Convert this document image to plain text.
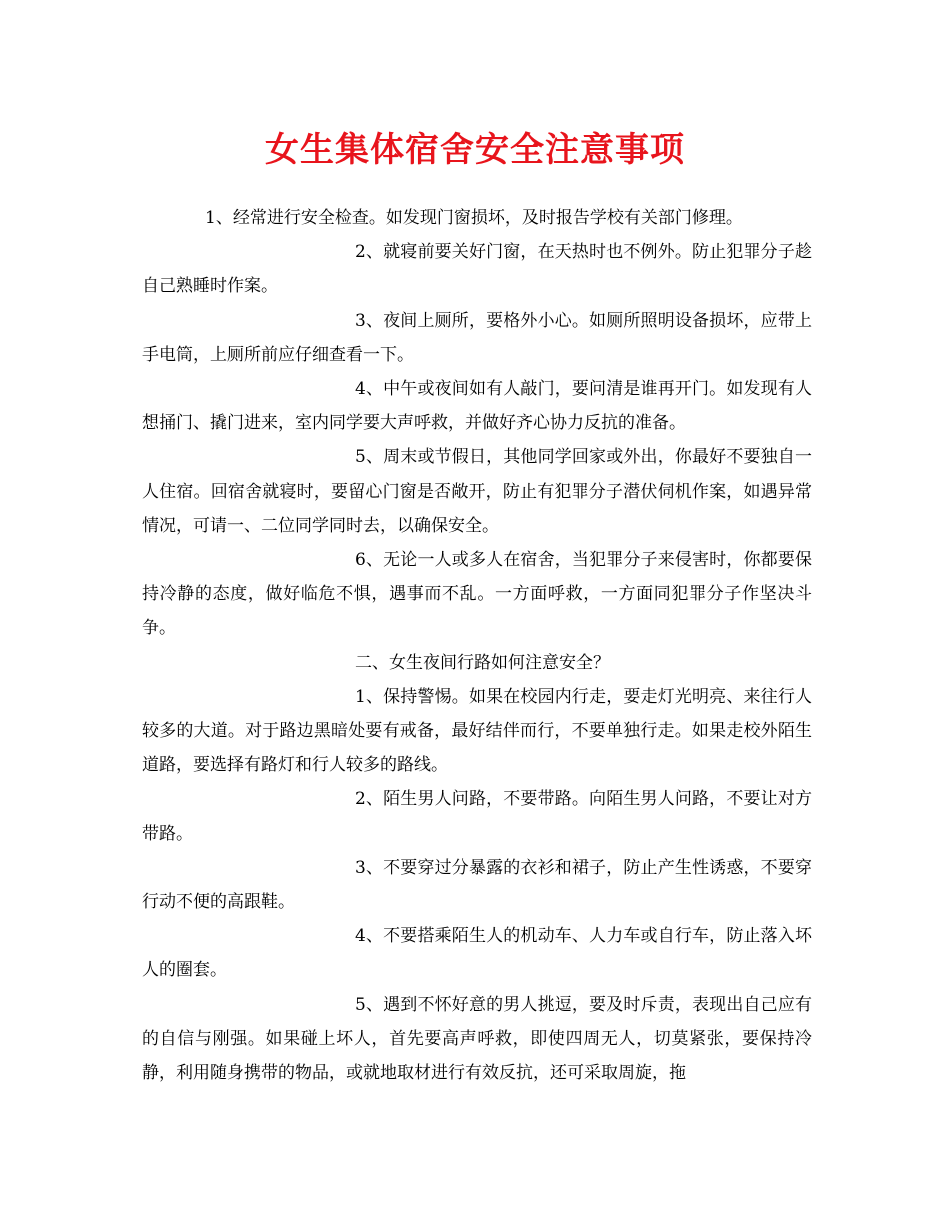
女生集体宿舍安全注意事项

1、经常进行安全检查。如发现门窗损坏，及时报告学校有关部门修理。

2、就寝前要关好门窗，在天热时也不例外。防止犯罪分子趁自己熟睡时作案。

3、夜间上厕所，要格外小心。如厕所照明设备损坏，应带上手电筒，上厕所前应仔细查看一下。

4、中午或夜间如有人敲门，要问清是谁再开门。如发现有人 想捅门、撬门进来，室内同学要大声呼救，并做好齐心协力反抗的准备。

5、周末或节假日，其他同学回家或外出，你最好不要独自一人住宿。回宿舍就寝时，要留心门窗是否敞开，防止有犯罪分子潜伏伺机作案，如遇异常情况，可请一、二位同学同时去，以确保安全。

6、无论一人或多人在宿舍，当犯罪分子来侵害时，你都要保持冷静的态度，做好临危不惧，遇事而不乱。一方面呼救，一方面同犯罪分子作坚决斗争。

二、女生夜间行路如何注意安全？

1、保持警惕。如果在校园内行走，要走灯光明亮、来往行人较多的大道。对于路边黑暗处要有戒备，最好结伴而行，不要单独行走。如果走校外陌生道路，要选择有路灯和行人较多的路线。

2、陌生男人问路，不要带路。向陌生男人问路，不要让对方带路。

3、不要穿过分暴露的衣衫和裙子，防止产生性诱惑，不要穿行动不便的高跟鞋。

4、不要搭乘陌生人的机动车、人力车或自行车，防止落入坏人的圈套。

5、遇到不怀好意的男人挑逗，要及时斥责，表现出自己应有的自信与刚强。如果碰上坏人，首先要高声呼救，即使四周无人，切莫紧张，要保持冷静，利用随身携带的物品，或就地取材进行有效反抗，还可采取周旋，拖
